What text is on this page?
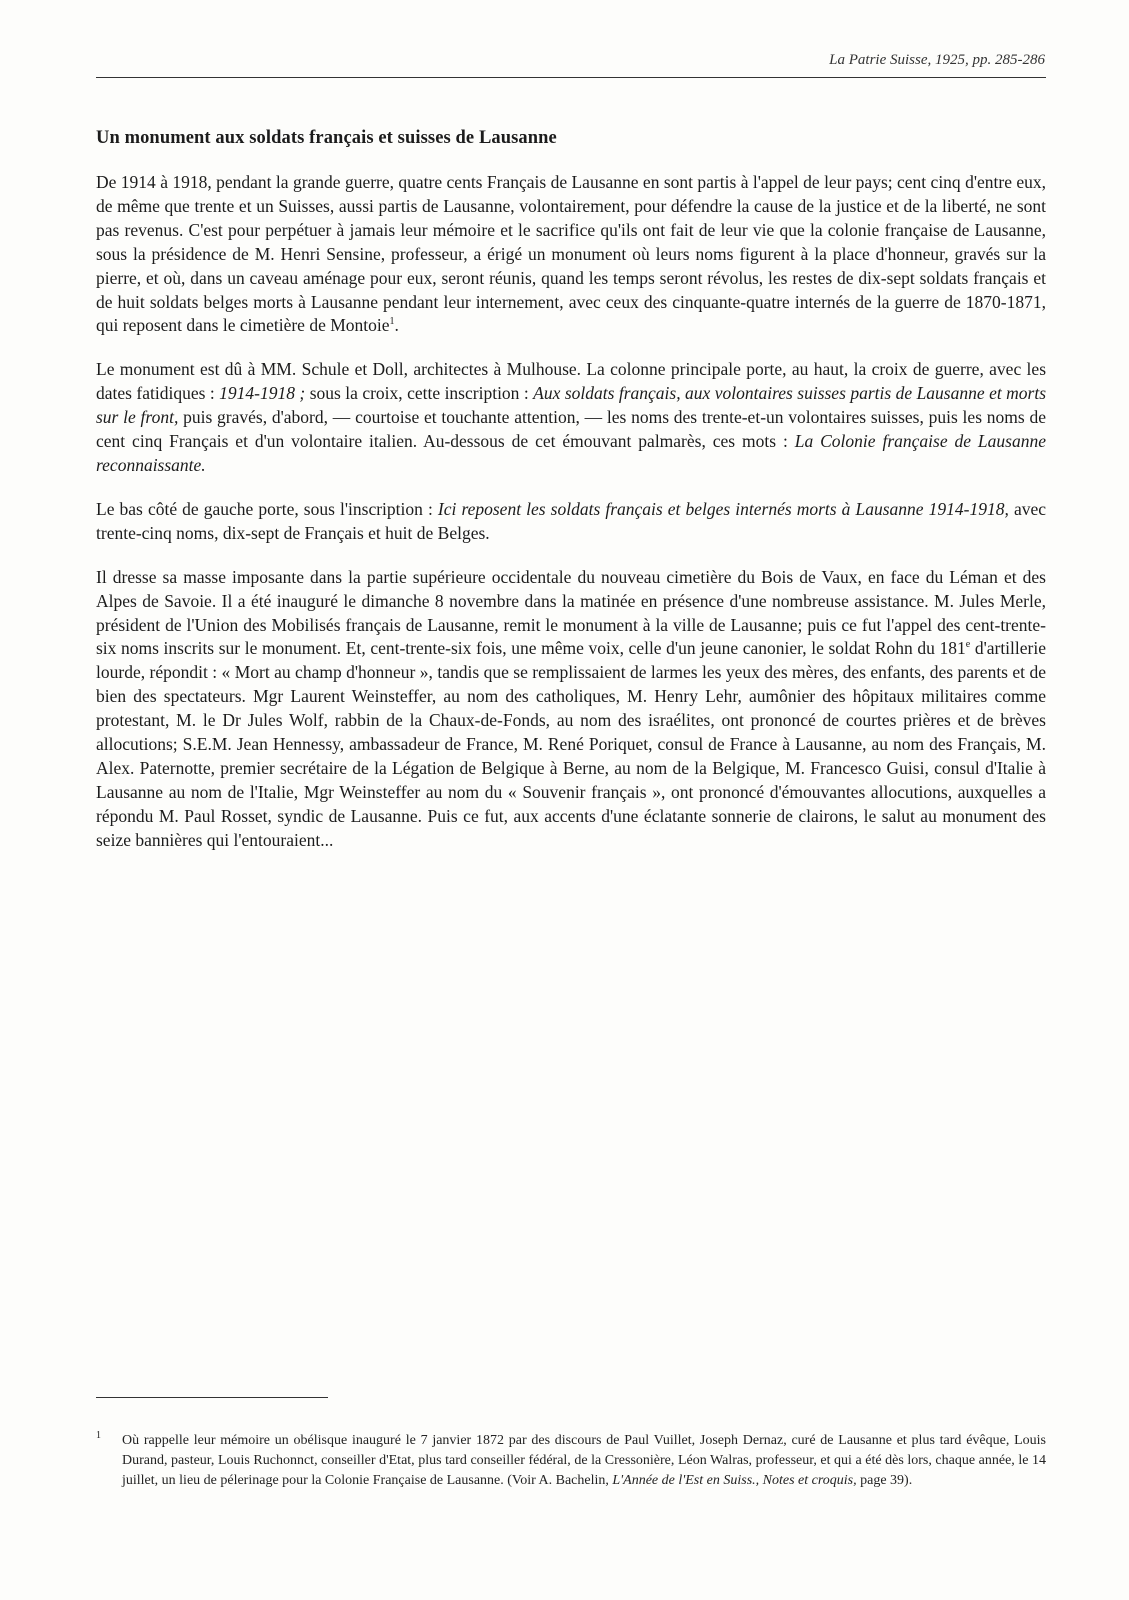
La Patrie Suisse, 1925, pp. 285-286
Un monument aux soldats français et suisses de Lausanne

De 1914 à 1918, pendant la grande guerre, quatre cents Français de Lausanne en sont partis à l'appel de leur pays; cent cinq d'entre eux, de même que trente et un Suisses, aussi partis de Lausanne, volontairement, pour défendre la cause de la justice et de la liberté, ne sont pas revenus. C'est pour perpétuer à jamais leur mémoire et le sacrifice qu'ils ont fait de leur vie que la colonie française de Lausanne, sous la présidence de M. Henri Sensine, professeur, a érigé un monument où leurs noms figurent à la place d'honneur, gravés sur la pierre, et où, dans un caveau aménage pour eux, seront réunis, quand les temps seront révolus, les restes de dix-sept soldats français et de huit soldats belges morts à Lausanne pendant leur internement, avec ceux des cinquante-quatre internés de la guerre de 1870-1871, qui reposent dans le cimetière de Montoie$^1$.

Le monument est dû à MM. Schule et Doll, architectes à Mulhouse. La colonne principale porte, au haut, la croix de guerre, avec les dates fatidiques : 1914-1918 ; sous la croix, cette inscription : Aux soldats français, aux volontaires suisses partis de Lausanne et morts sur le front, puis gravés, d'abord, — courtoise et touchante attention, — les noms des trente-et-un volontaires suisses, puis les noms de cent cinq Français et d'un volontaire italien. Au-dessous de cet émouvant palmarès, ces mots : La Colonie française de Lausanne reconnaissante.

Le bas côté de gauche porte, sous l'inscription : Ici reposent les soldats français et belges internés morts à Lausanne 1914-1918, avec trente-cinq noms, dix-sept de Français et huit de Belges.

Il dresse sa masse imposante dans la partie supérieure occidentale du nouveau cimetière du Bois de Vaux, en face du Léman et des Alpes de Savoie. Il a été inauguré le dimanche 8 novembre dans la matinée en présence d'une nombreuse assistance. M. Jules Merle, président de l'Union des Mobilisés français de Lausanne, remit le monument à la ville de Lausanne; puis ce fut l'appel des cent-trente-six noms inscrits sur le monument. Et, cent-trente-six fois, une même voix, celle d'un jeune canonier, le soldat Rohn du 181e d'artillerie lourde, répondit : « Mort au champ d'honneur », tandis que se remplissaient de larmes les yeux des mères, des enfants, des parents et de bien des spectateurs. Mgr Laurent Weinsteffer, au nom des catholiques, M. Henry Lehr, aumônier des hôpitaux militaires comme protestant, M. le Dr Jules Wolf, rabbin de la Chaux-de-Fonds, au nom des israélites, ont prononcé de courtes prières et de brèves allocutions; S.E.M. Jean Hennessy, ambassadeur de France, M. René Poriquet, consul de France à Lausanne, au nom des Français, M. Alex. Paternotte, premier secrétaire de la Légation de Belgique à Berne, au nom de la Belgique, M. Francesco Guisi, consul d'Italie à Lausanne au nom de l'Italie, Mgr Weinsteffer au nom du « Souvenir français », ont prononcé d'émouvantes allocutions, auxquelles a répondu M. Paul Rosset, syndic de Lausanne. Puis ce fut, aux accents d'une éclatante sonnerie de clairons, le salut au monument des seize bannières qui l'entouraient...

1 Où rappelle leur mémoire un obélisque inauguré le 7 janvier 1872 par des discours de Paul Vuillet, Joseph Dernaz, curé de Lausanne et plus tard évêque, Louis Durand, pasteur, Louis Ruchonnct, conseiller d'Etat, plus tard conseiller fédéral, de la Cressonière, Léon Walras, professeur, et qui a été dès lors, chaque année, le 14 juillet, un lieu de pélerinage pour la Colonie Française de Lausanne. (Voir A. Bachelin, L'Année de l'Est en Suiss., Notes et croquis, page 39).
